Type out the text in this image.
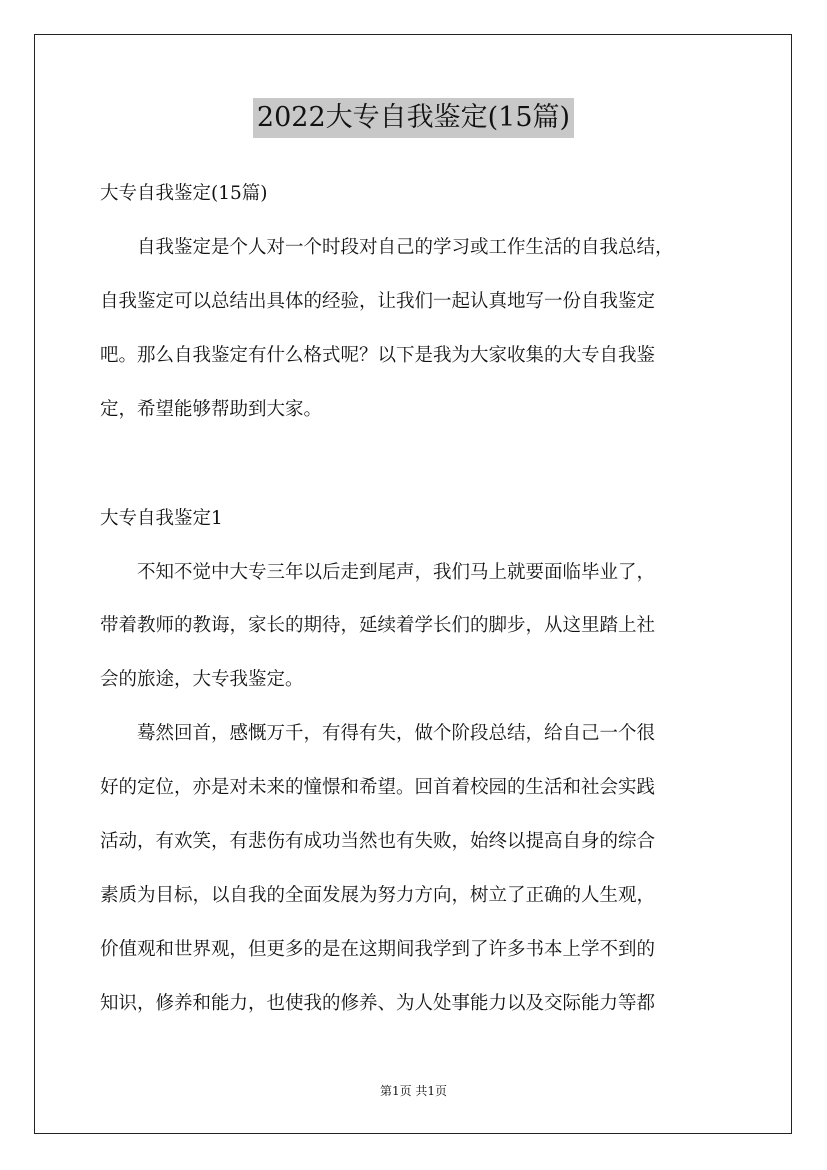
2022大专自我鉴定(15篇)
大专自我鉴定(15篇)
　　自我鉴定是个人对一个时段对自己的学习或工作生活的自我总结，
自我鉴定可以总结出具体的经验，让我们一起认真地写一份自我鉴定
吧。那么自我鉴定有什么格式呢？以下是我为大家收集的大专自我鉴
定，希望能够帮助到大家。
大专自我鉴定1
　　不知不觉中大专三年以后走到尾声，我们马上就要面临毕业了，
带着教师的教诲，家长的期待，延续着学长们的脚步，从这里踏上社
会的旅途，大专我鉴定。
　　蓦然回首，感慨万千，有得有失，做个阶段总结，给自己一个很
好的定位，亦是对未来的憧憬和希望。回首着校园的生活和社会实践
活动，有欢笑，有悲伤有成功当然也有失败，始终以提高自身的综合
素质为目标，以自我的全面发展为努力方向，树立了正确的人生观，
价值观和世界观，但更多的是在这期间我学到了许多书本上学不到的
知识，修养和能力，也使我的修养、为人处事能力以及交际能力等都
第1页 共1页
